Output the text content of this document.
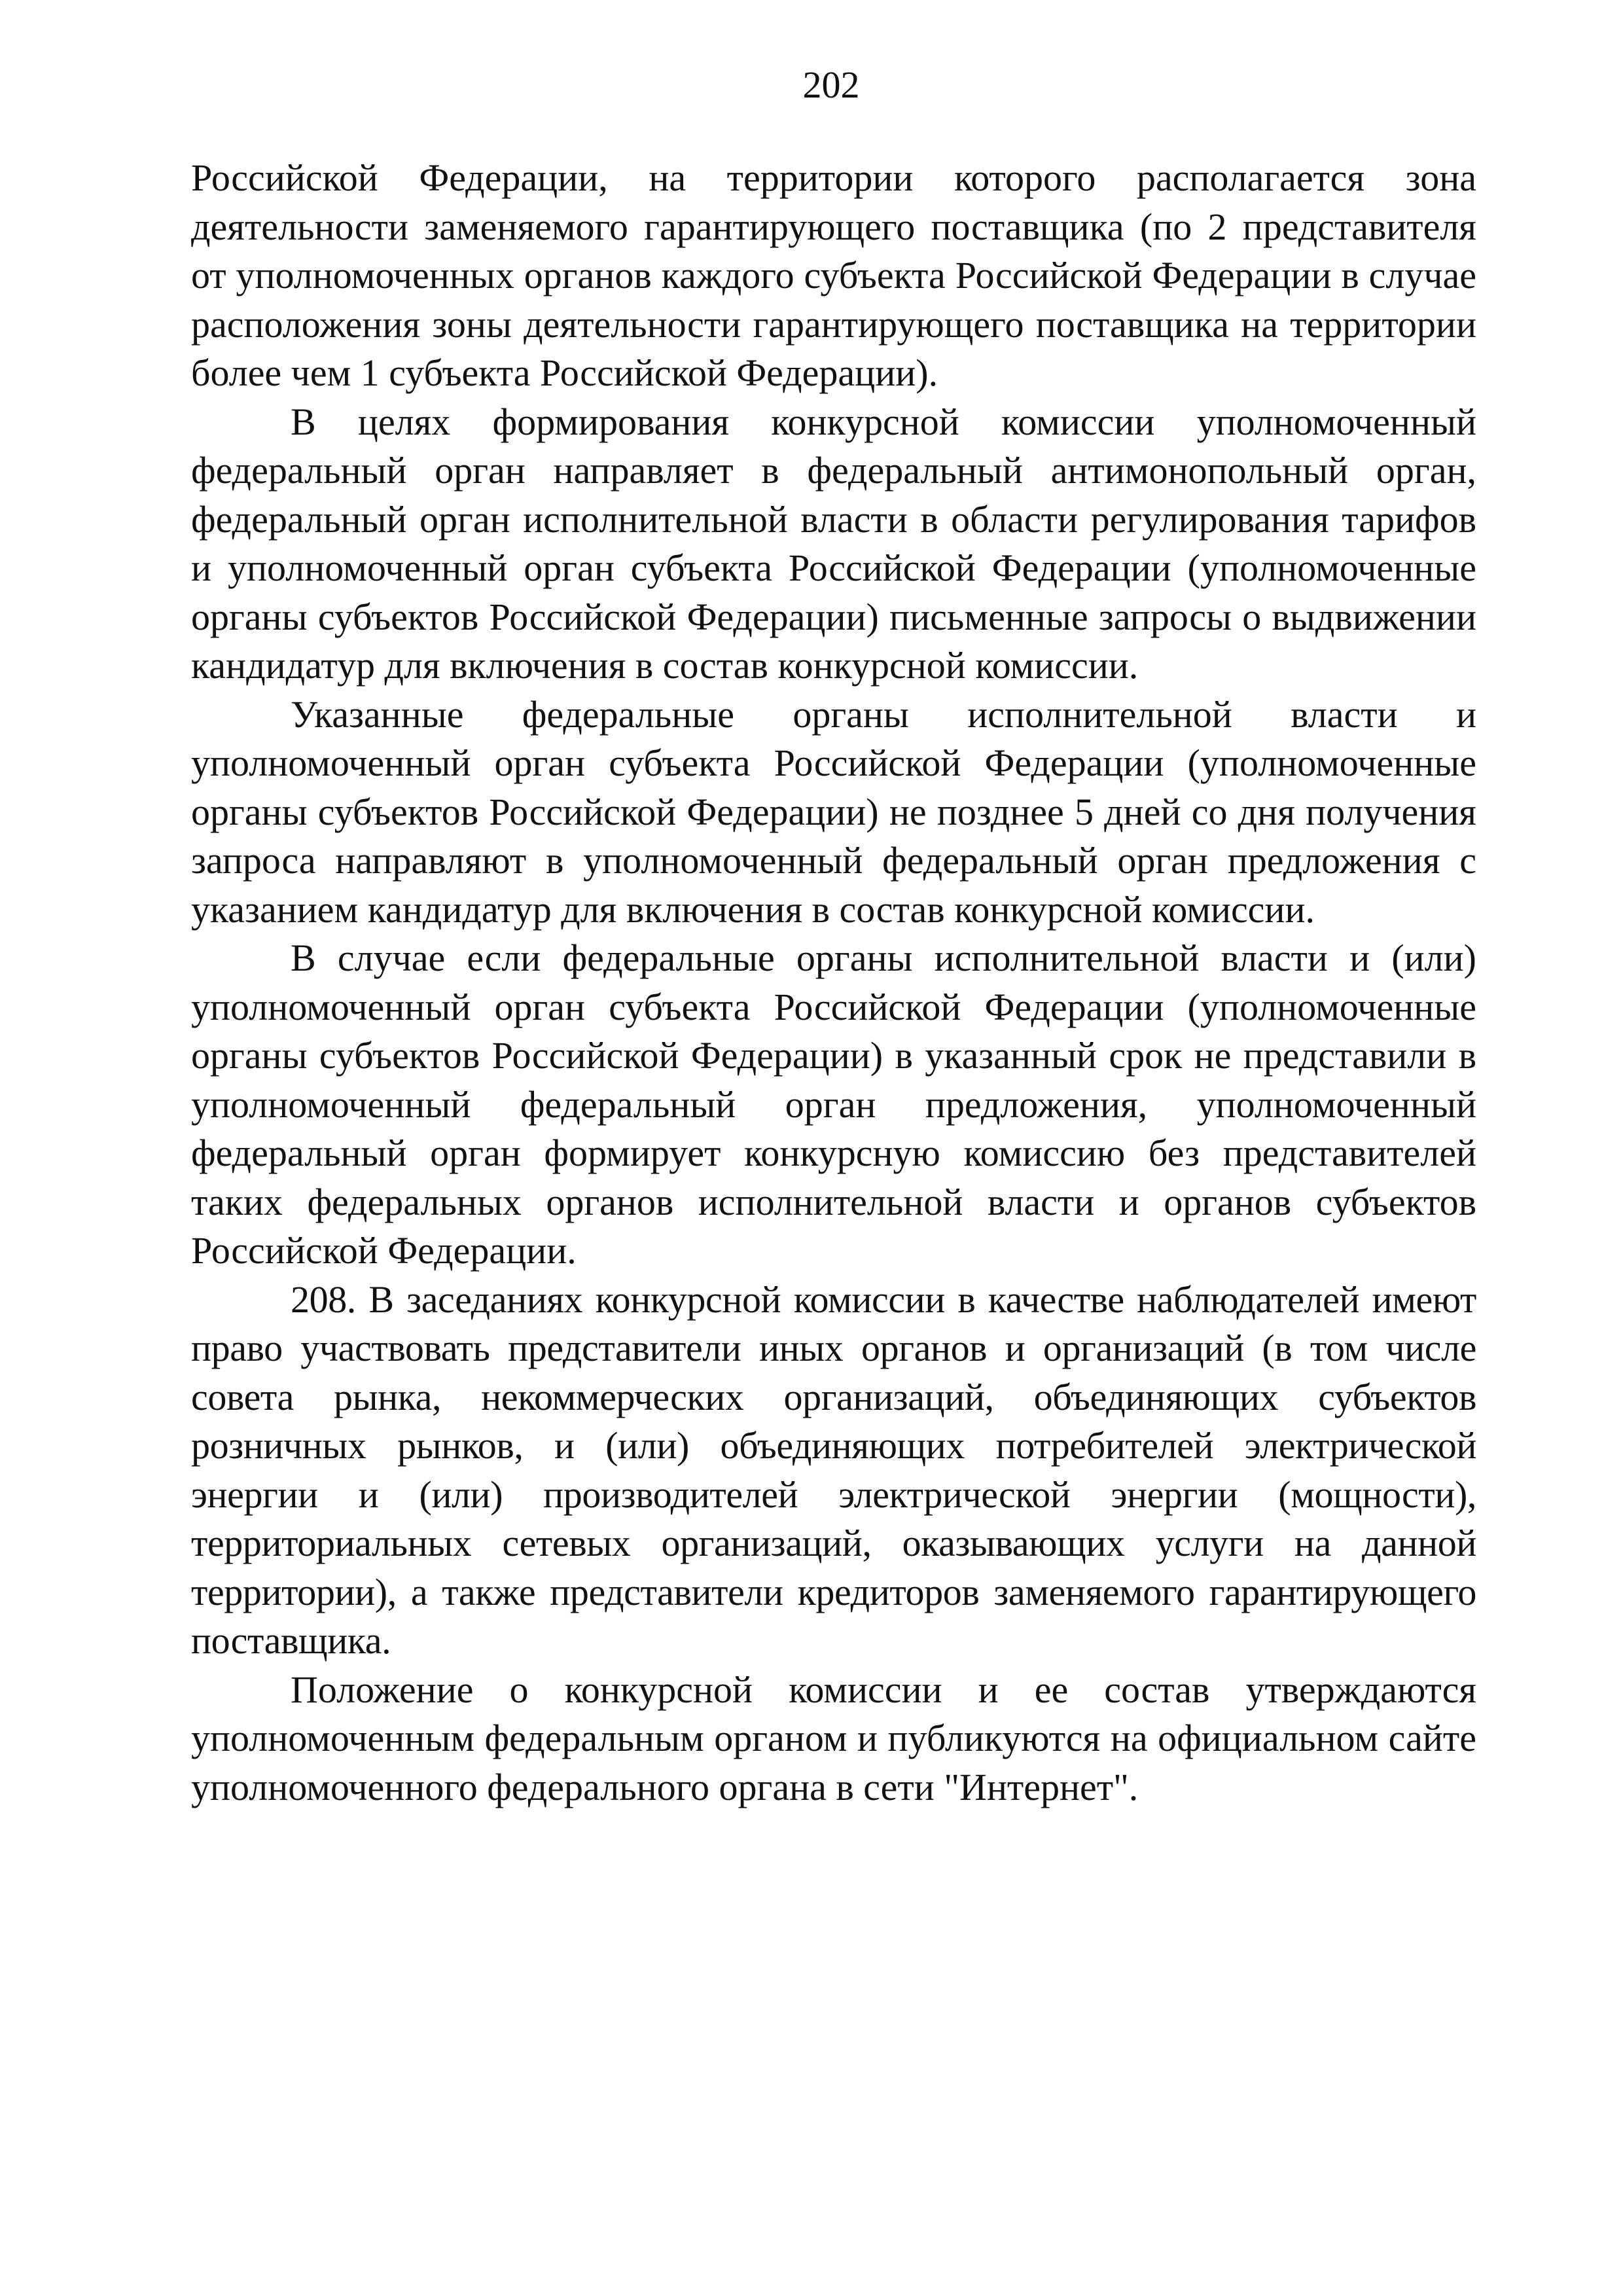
202

Российской Федерации, на территории которого располагается зона деятельности заменяемого гарантирующего поставщика (по 2 представителя от уполномоченных органов каждого субъекта Российской Федерации в случае расположения зоны деятельности гарантирующего поставщика на территории более чем 1 субъекта Российской Федерации).

В целях формирования конкурсной комиссии уполномоченный федеральный орган направляет в федеральный антимонопольный орган, федеральный орган исполнительной власти в области регулирования тарифов и уполномоченный орган субъекта Российской Федерации (уполномоченные органы субъектов Российской Федерации) письменные запросы о выдвижении кандидатур для включения в состав конкурсной комиссии.

Указанные федеральные органы исполнительной власти и уполномоченный орган субъекта Российской Федерации (уполномоченные органы субъектов Российской Федерации) не позднее 5 дней со дня получения запроса направляют в уполномоченный федеральный орган предложения с указанием кандидатур для включения в состав конкурсной комиссии.

В случае если федеральные органы исполнительной власти и (или) уполномоченный орган субъекта Российской Федерации (уполномоченные органы субъектов Российской Федерации) в указанный срок не представили в уполномоченный федеральный орган предложения, уполномоченный федеральный орган формирует конкурсную комиссию без представителей таких федеральных органов исполнительной власти и органов субъектов Российской Федерации.

208. В заседаниях конкурсной комиссии в качестве наблюдателей имеют право участвовать представители иных органов и организаций (в том числе совета рынка, некоммерческих организаций, объединяющих субъектов розничных рынков, и (или) объединяющих потребителей электрической энергии и (или) производителей электрической энергии (мощности), территориальных сетевых организаций, оказывающих услуги на данной территории), а также представители кредиторов заменяемого гарантирующего поставщика.

Положение о конкурсной комиссии и ее состав утверждаются уполномоченным федеральным органом и публикуются на официальном сайте уполномоченного федерального органа в сети "Интернет".
